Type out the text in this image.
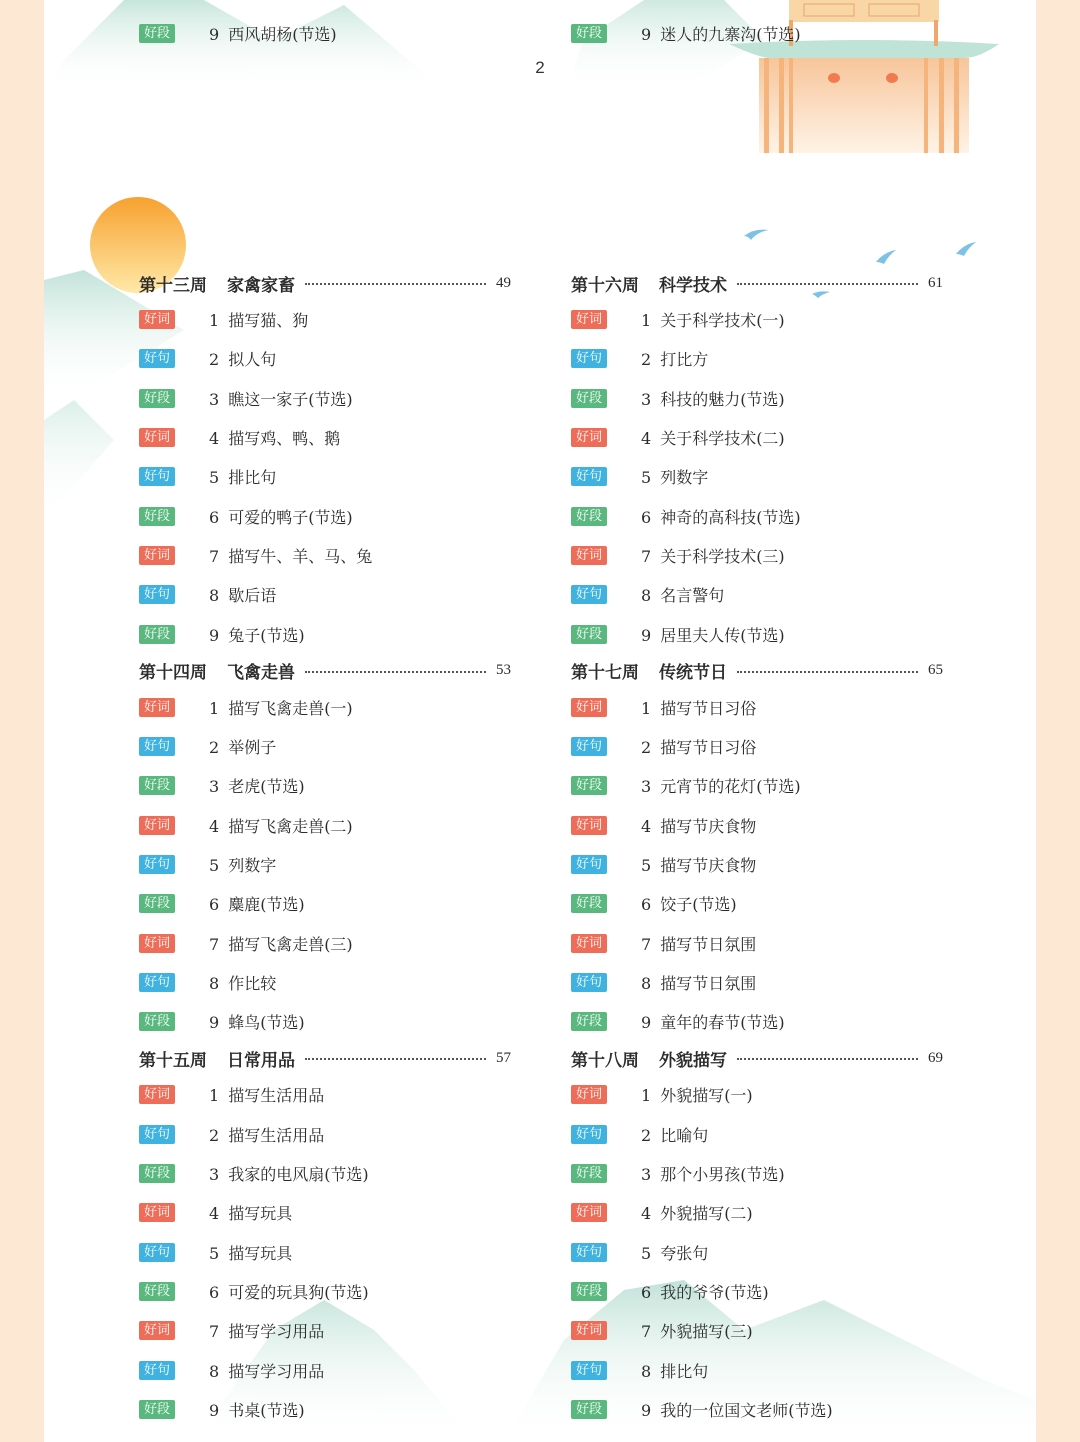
好段	9 西风胡杨(节选)	好段	9 迷人的九寨沟(节选)
2
第十三周 家禽家畜	49
好词	1 描写猫、狗
好句	2 拟人句
好段	3 瞧这一家子(节选)
好词	4 描写鸡、鸭、鹅
好句	5 排比句
好段	6 可爱的鸭子(节选)
好词	7 描写牛、羊、马、兔
好句	8 歇后语
好段	9 兔子(节选)
第十四周 飞禽走兽	53
好词	1 描写飞禽走兽(一)
好句	2 举例子
好段	3 老虎(节选)
好词	4 描写飞禽走兽(二)
好句	5 列数字
好段	6 麋鹿(节选)
好词	7 描写飞禽走兽(三)
好句	8 作比较
好段	9 蜂鸟(节选)
第十五周 日常用品	57
好词	1 描写生活用品
好句	2 描写生活用品
好段	3 我家的电风扇(节选)
好词	4 描写玩具
好句	5 描写玩具
好段	6 可爱的玩具狗(节选)
好词	7 描写学习用品
好句	8 描写学习用品
好段	9 书桌(节选)
第十六周 科学技术	61
好词	1 关于科学技术(一)
好句	2 打比方
好段	3 科技的魅力(节选)
好词	4 关于科学技术(二)
好句	5 列数字
好段	6 神奇的高科技(节选)
好词	7 关于科学技术(三)
好句	8 名言警句
好段	9 居里夫人传(节选)
第十七周 传统节日	65
好词	1 描写节日习俗
好句	2 描写节日习俗
好段	3 元宵节的花灯(节选)
好词	4 描写节庆食物
好句	5 描写节庆食物
好段	6 饺子(节选)
好词	7 描写节日氛围
好句	8 描写节日氛围
好段	9 童年的春节(节选)
第十八周 外貌描写	69
好词	1 外貌描写(一)
好句	2 比喻句
好段	3 那个小男孩(节选)
好词	4 外貌描写(二)
好句	5 夸张句
好段	6 我的爷爷(节选)
好词	7 外貌描写(三)
好句	8 排比句
好段	9 我的一位国文老师(节选)
